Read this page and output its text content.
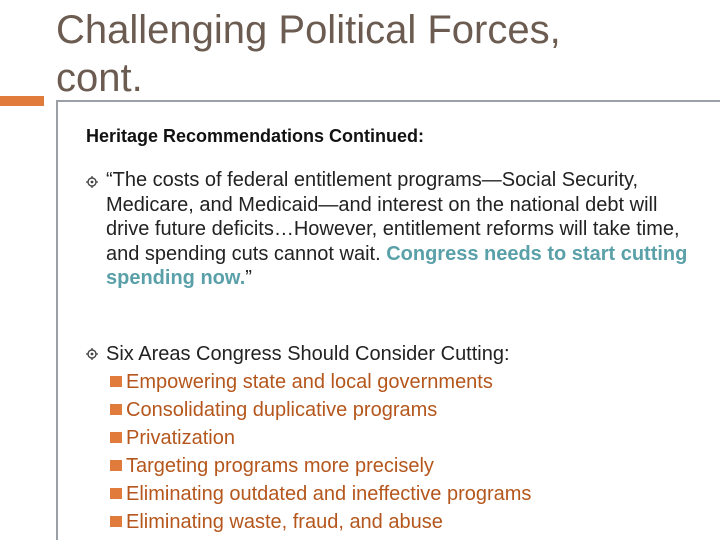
Challenging Political Forces,
cont.
Heritage Recommendations Continued:
“The costs of federal entitlement programs—Social Security, Medicare, and Medicaid—and interest on the national debt will drive future deficits…However, entitlement reforms will take time, and spending cuts cannot wait. Congress needs to start cutting spending now.”
Six Areas Congress Should Consider Cutting:
Empowering state and local governments
Consolidating duplicative programs
Privatization
Targeting programs more precisely
Eliminating outdated and ineffective programs
Eliminating waste, fraud, and abuse
